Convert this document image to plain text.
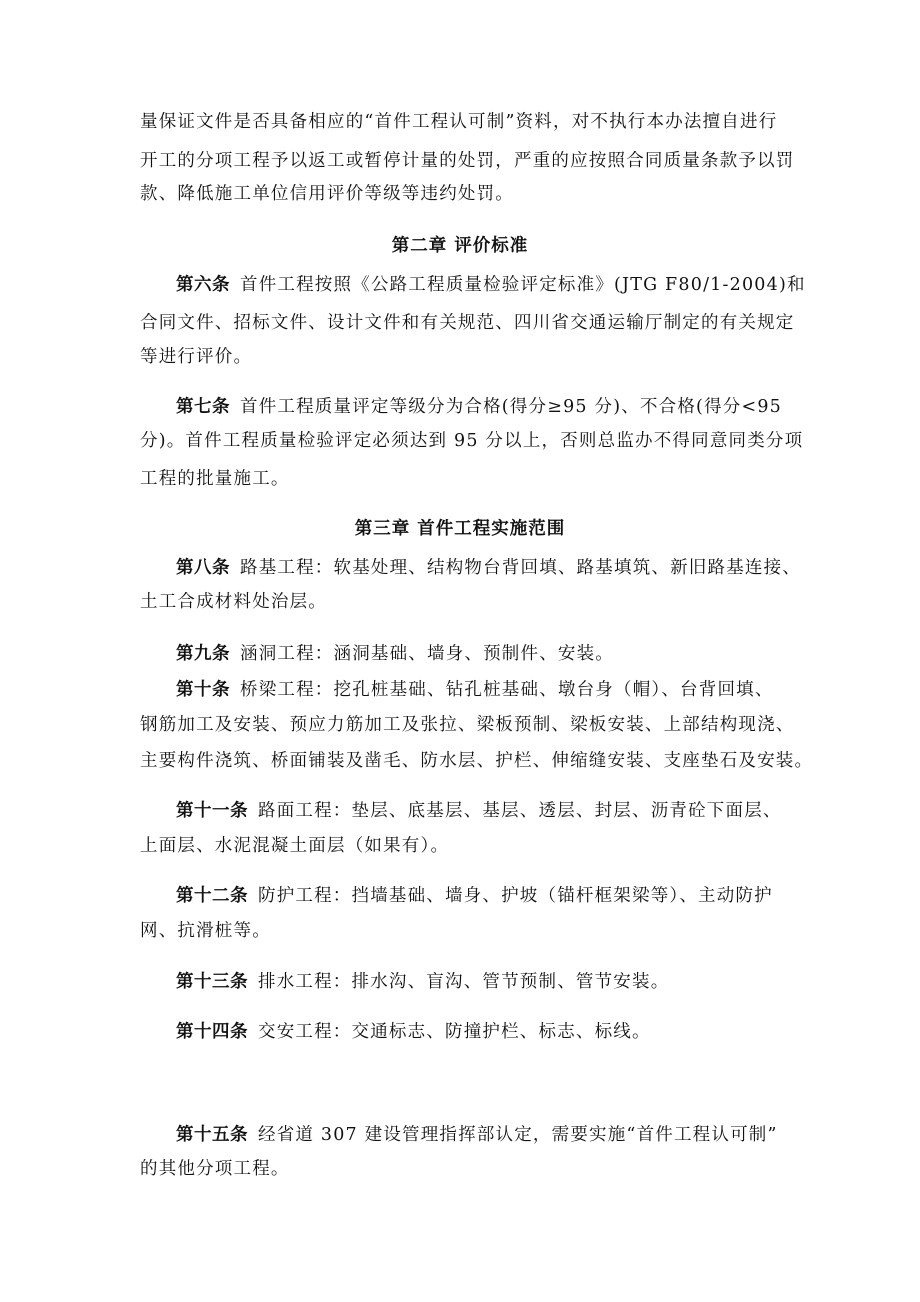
量保证文件是否具备相应的“首件工程认可制”资料，对不执行本办法擅自进行
开工的分项工程予以返工或暂停计量的处罚，严重的应按照合同质量条款予以罚
款、降低施工单位信用评价等级等违约处罚。
第二章 评价标准
第六条 首件工程按照《公路工程质量检验评定标准》(JTG F80/1-2004)和
合同文件、招标文件、设计文件和有关规范、四川省交通运输厅制定的有关规定
等进行评价。
第七条 首件工程质量评定等级分为合格(得分≥95 分)、不合格(得分<95
分)。首件工程质量检验评定必须达到 95 分以上，否则总监办不得同意同类分项
工程的批量施工。
第三章 首件工程实施范围
第八条 路基工程：软基处理、结构物台背回填、路基填筑、新旧路基连接、
土工合成材料处治层。
第九条 涵洞工程：涵洞基础、墙身、预制件、安装。
第十条 桥梁工程：挖孔桩基础、钻孔桩基础、墩台身（帽）、台背回填、
钢筋加工及安装、预应力筋加工及张拉、梁板预制、梁板安装、上部结构现浇、
主要构件浇筑、桥面铺装及凿毛、防水层、护栏、伸缩缝安装、支座垫石及安装。
第十一条 路面工程：垫层、底基层、基层、透层、封层、沥青砼下面层、
上面层、水泥混凝土面层（如果有）。
第十二条 防护工程：挡墙基础、墙身、护坡（锚杆框架梁等）、主动防护
网、抗滑桩等。
第十三条 排水工程：排水沟、盲沟、管节预制、管节安装。
第十四条 交安工程：交通标志、防撞护栏、标志、标线。
第十五条 经省道 307 建设管理指挥部认定，需要实施“首件工程认可制”
的其他分项工程。
